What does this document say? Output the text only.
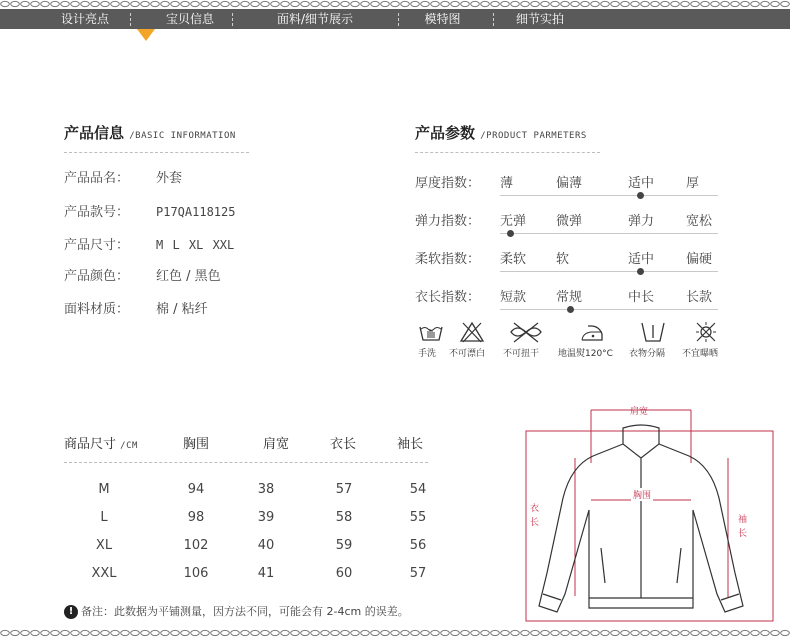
设计亮点	宝贝信息	面料/细节展示	模特图	细节实拍
产品信息 /BASIC INFORMATION
产品品名： 外套
产品款号： P17QA118125
产品尺寸： M L XL XXL
产品颜色： 红色 / 黑色
面料材质： 棉 / 粘纤
产品参数 /PRODUCT PARMETERS
厚度指数： 薄	偏薄	适中 厚
弹力指数： 无弹 微弹	弹力 宽松
柔软指数： 柔软 软	适中 偏硬
衣长指数： 短款 常规	中长 长款
手洗 不可漂白 不可扭干 地温熨120°C 衣物分隔 不宜曝晒
商品尺寸 /CM	胸围	肩宽	衣长	袖长
M	94	38	57	54
L	98	39	58	55
XL	102	40	59	56
XXL	106	41	60	57
! 备注：此数据为平铺测量，因方法不同，可能会有 2-4cm 的误差。
肩宽
胸围
衣长	袖长
